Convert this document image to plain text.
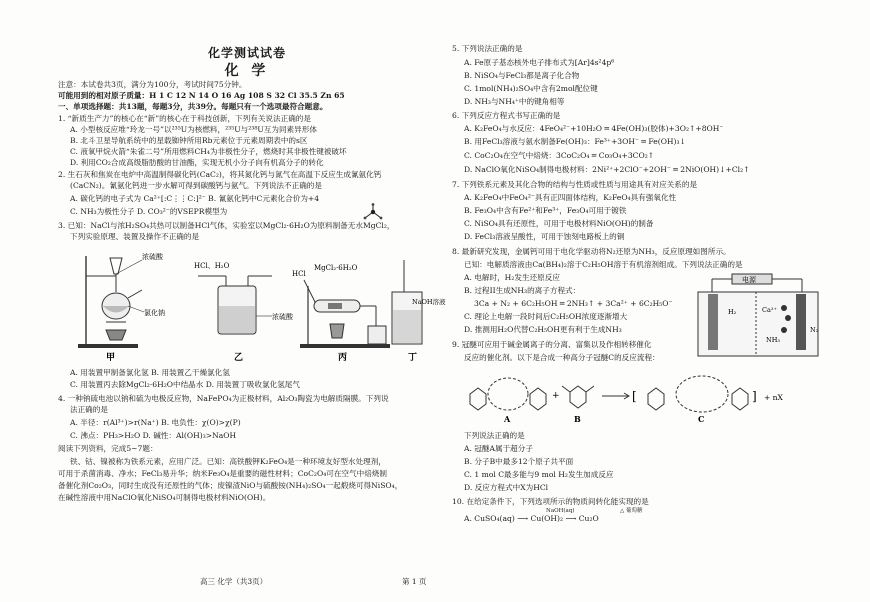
化学测试试卷
化 学
注意：本试卷共3页，满分为100分，考试时间75分钟。
可能用到的相对原子质量：H 1 C 12 N 14 O 16 Ag 108 S 32 Cl 35.5 Zn 65
一、单项选择题：共13题，每题3分，共39分。每题只有一个选项最符合题意。
1. “新质生产力”的核心在“新”的核心在于科技创新，下列有关说法正确的是
A. 小型核反应堆“玲龙一号”以²³⁵U为核燃料，²³⁵U与²³⁸U互为同素异形体
B. 北斗卫星导航系统中的星载铷钟所用Rb元素位于元素周期表中的s区
C. 液氧甲烷火箭“朱雀二号”所用燃料CH₄为非极性分子，燃烧时其非极性键被破坏
D. 利用CO₂合成高级脂肪酸的甘油酯，实现无机小分子向有机高分子的转化
2. 生石灰和焦炭在电炉中高温制得碳化钙(CaC₂)，将其氮化钙与氮气在高温下反应生成氰氨化钙
(CaCN₂)。氰氨化钙进一步水解可得到碳酸钙与氨气。下列说法不正确的是
A. 碳化钙的电子式为 Ca²⁺[:C⋮⋮C:]²⁻ B. 氰氨化钙中C元素化合价为+4
C. NH₃为极性分子 D. CO₃²⁻的VSEPR模型为
3. 已知：NaCl与浓H₂SO₄共热可以制备HCl气体，实验室以MgCl₂·6H₂O为原料制备无水MgCl₂，
下列实验原理、装置及操作不正确的是
浓硫酸
氯化钠
甲
HCl、H₂O
浓硫酸
乙
HCl
MgCl₂·6H₂O
丙
NaOH溶液
丁
A. 用装置甲制备氯化氢 B. 用装置乙干燥氯化氢
C. 用装置丙去除MgCl₂·6H₂O中结晶水 D. 用装置丁吸收氯化氢尾气
4. 一种钠硫电池以钠和硫为电极反应物，NaFePO₄为正极材料，Al₂O₃陶瓷为电解质隔膜。下列说
法正确的是
A. 半径：r(Al³⁺)>r(Na⁺) B. 电负性：χ(O)>χ(P)
C. 沸点：PH₃>H₂O D. 碱性：Al(OH)₃>NaOH
阅读下列资料，完成5~7题：
铁、钴、镍被称为铁系元素，应用广泛。已知：高铁酸钾K₂FeO₄是一种环境友好型水处理剂，
可用于杀菌消毒、净水；FeCl₃易升华；纳米Fe₃O₄是重要的磁性材料；CoC₂O₄可在空气中焙烧制
备催化剂Co₂O₃，同时生成没有还原性的气体；废镍渣NiO与硫酸铵(NH₄)₂SO₄一起煅烧可得NiSO₄，
在碱性溶液中用NaClO氧化NiSO₄可制得电极材料NiO(OH)。
5. 下列说法正确的是
A. Fe原子基态核外电子排布式为[Ar]4s²4p⁶
B. NiSO₄与FeCl₃都是离子化合物
C. 1mol(NH₄)₂SO₄中含有2mol配位键
D. NH₃与NH₄⁺中的键角相等
6. 下列反应方程式书写正确的是
A. K₂FeO₄与水反应：4FeO₄²⁻+10H₂O ═ 4Fe(OH)₃(胶体)+3O₂↑+8OH⁻
B. 用FeCl₃溶液与氨水制备Fe(OH)₃：Fe³⁺+3OH⁻ ═ Fe(OH)₃↓
C. CoC₂O₄在空气中焙烧：3CoC₂O₄ ═ Co₃O₄+3CO₂↑
D. NaClO氧化NiSO₄制得电极材料：2Ni²⁺+2ClO⁻+2OH⁻ ═ 2NiO(OH)↓+Cl₂↑
7. 下列铁系元素及其化合物的结构与性质或性质与用途具有对应关系的是
A. K₂FeO₄中FeO₄²⁻具有正四面体结构，K₂FeO₄具有强氧化性
B. Fe₃O₄中含有Fe²⁺和Fe³⁺，Fe₃O₄可用于镀铁
C. NiSO₄具有还原性，可用于电极材料NiO(OH)的制备
D. FeCl₃溶液呈酸性，可用于蚀刻电路板上的铜
8. 最新研究发现，金属钙可用于电化学驱动将N₂还原为NH₃，反应原理如图所示。
已知：电解质溶液由Ca(BH₄)₂溶于C₂H₅OH溶于有机溶剂组成。下列说法正确的是
A. 电解时，H₂发生还原反应
B. 过程II生成NH₃的离子方程式：
3Ca + N₂ + 6C₂H₅OH ═ 2NH₃↑ + 3Ca²⁺ + 6C₂H₅O⁻
C. 理论上电解一段时间后C₂H₅OH浓度逐渐增大
D. 推测用H₂O代替C₂H₅OH更有利于生成NH₃
电源
H₂	Ca²⁺
N₂
NH₃
9. 冠醚可应用于碱金属离子的分离、富集以及作相转移催化
反应的催化剂。以下是合成一种高分子冠醚C的反应流程：
A
+
B
[	]
C
+ nX
下列说法正确的是
A. 冠醚A属于超分子
B. 分子B中最多12个原子共平面
C. 1 mol C最多能与9 mol H₂发生加成反应
D. 反应方程式中X为HCl
10. 在给定条件下，下列选项所示的物质间转化能实现的是
A. CuSO₄(aq) ⟶ Cu(OH)₂ ⟶ Cu₂O
NaOH(aq)	△ 葡萄糖
高三 化学（共3页）	第 1 页
